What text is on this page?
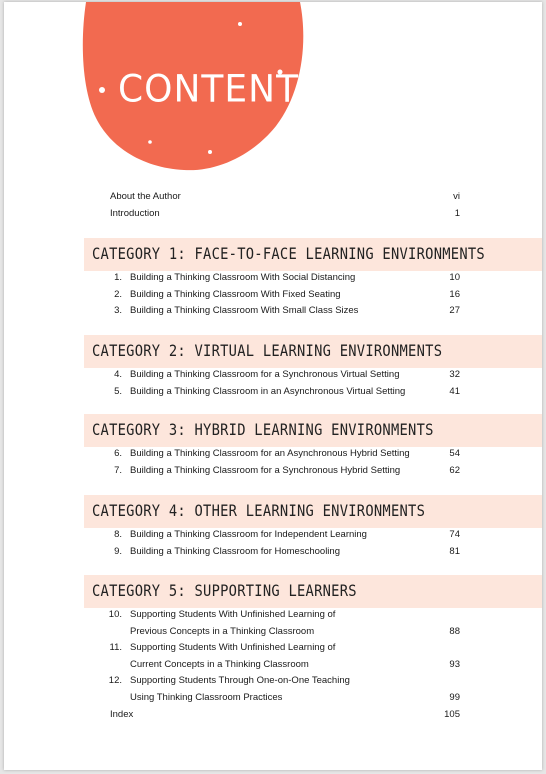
CONTENTS
About the Author	vi
Introduction	1
CATEGORY 1: FACE-TO-FACE LEARNING ENVIRONMENTS
1. Building a Thinking Classroom With Social Distancing	10
2. Building a Thinking Classroom With Fixed Seating	16
3. Building a Thinking Classroom With Small Class Sizes	27
CATEGORY 2: VIRTUAL LEARNING ENVIRONMENTS
4. Building a Thinking Classroom for a Synchronous Virtual Setting	32
5. Building a Thinking Classroom in an Asynchronous Virtual Setting	41
CATEGORY 3: HYBRID LEARNING ENVIRONMENTS
6. Building a Thinking Classroom for an Asynchronous Hybrid Setting	54
7. Building a Thinking Classroom for a Synchronous Hybrid Setting	62
CATEGORY 4: OTHER LEARNING ENVIRONMENTS
8. Building a Thinking Classroom for Independent Learning	74
9. Building a Thinking Classroom for Homeschooling	81
CATEGORY 5: SUPPORTING LEARNERS
10. Supporting Students With Unfinished Learning of
Previous Concepts in a Thinking Classroom	88
11. Supporting Students With Unfinished Learning of
Current Concepts in a Thinking Classroom	93
12. Supporting Students Through One-on-One Teaching
Using Thinking Classroom Practices	99
Index	105
